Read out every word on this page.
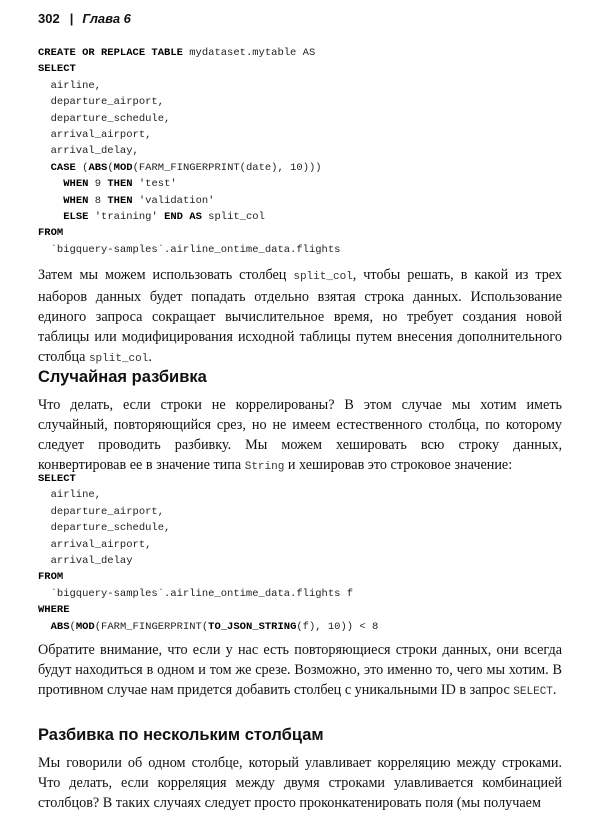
302 | Глава 6
CREATE OR REPLACE TABLE mydataset.mytable AS
SELECT
airline,
departure_airport,
departure_schedule,
arrival_airport,
arrival_delay,
CASE (ABS(MOD(FARM_FINGERPRINT(date), 10)))
WHEN 9 THEN 'test'
WHEN 8 THEN 'validation'
ELSE 'training' END AS split_col
FROM
`bigquery-samples`.airline_ontime_data.flights

Затем мы можем использовать столбец split_col, чтобы решать, в какой из трех наборов данных будет попадать отдельно взятая строка данных. Использование единого запроса сокращает вычислительное время, но требует создания новой таблицы или модифицирования исходной таблицы путем внесения дополнительного столбца split_col.

Случайная разбивка

Что делать, если строки не коррелированы? В этом случае мы хотим иметь случайный, повторяющийся срез, но не имеем естественного столбца, по которому следует проводить разбивку. Мы можем хешировать всю строку данных, конвертировав ее в значение типа String и хешировав это строковое значение:

SELECT
airline,
departure_airport,
departure_schedule,
arrival_airport,
arrival_delay
FROM
`bigquery-samples`.airline_ontime_data.flights f
WHERE
ABS(MOD(FARM_FINGERPRINT(TO_JSON_STRING(f), 10)) < 8

Обратите внимание, что если у нас есть повторяющиеся строки данных, они всегда будут находиться в одном и том же срезе. Возможно, это именно то, чего мы хотим. В противном случае нам придется добавить столбец с уникальными ID в запрос SELECT.

Разбивка по нескольким столбцам

Мы говорили об одном столбце, который улавливает корреляцию между строками. Что делать, если корреляция между двумя строками улавливается комбинацией столбцов? В таких случаях следует просто проконкатенировать поля (мы получаем
